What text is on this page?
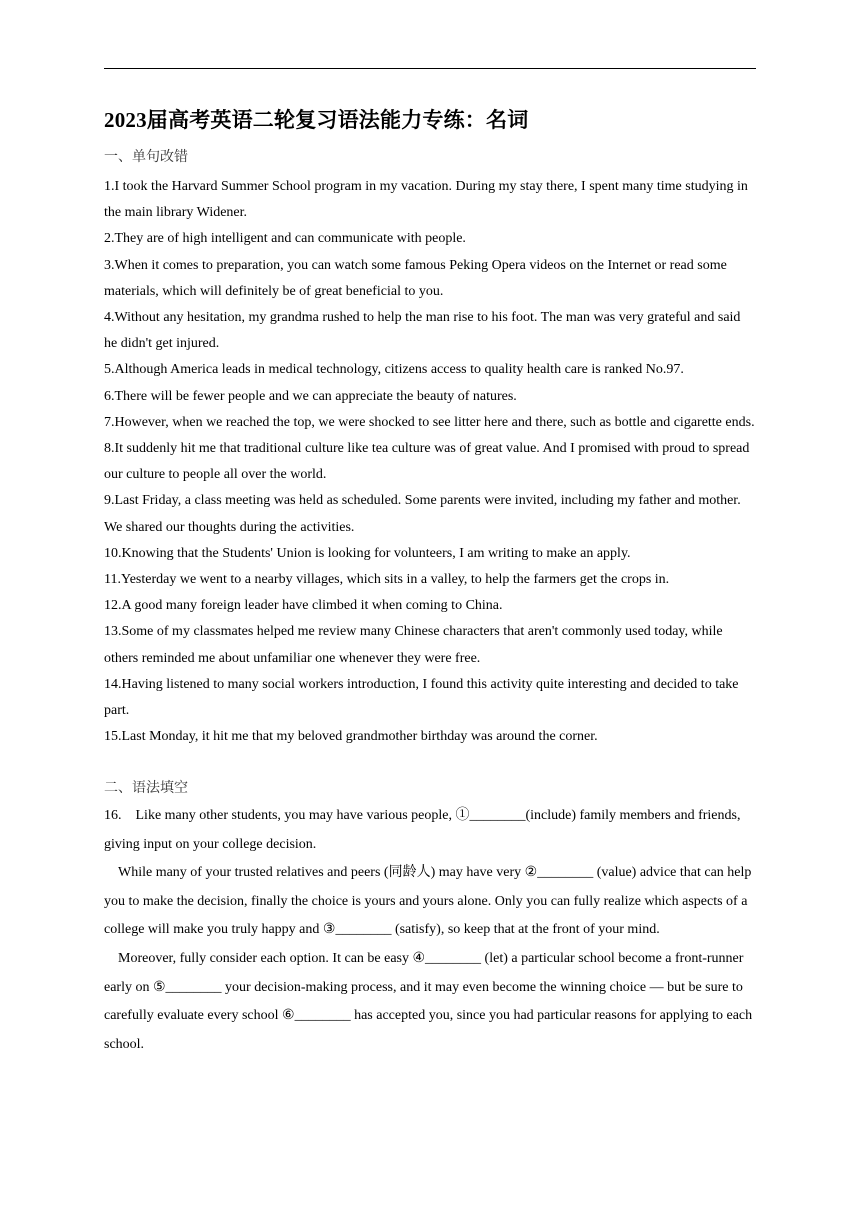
2023届高考英语二轮复习语法能力专练：名词
一、单句改错

1.I took the Harvard Summer School program in my vacation. During my stay there, I spent many time studying in the main library Widener.

2.They are of high intelligent and can communicate with people.

3.When it comes to preparation, you can watch some famous Peking Opera videos on the Internet or read some materials, which will definitely be of great beneficial to you.

4.Without any hesitation, my grandma rushed to help the man rise to his foot. The man was very grateful and said he didn't get injured.

5.Although America leads in medical technology, citizens access to quality health care is ranked No.97.

6.There will be fewer people and we can appreciate the beauty of natures.

7.However, when we reached the top, we were shocked to see litter here and there, such as bottle and cigarette ends.

8.It suddenly hit me that traditional culture like tea culture was of great value. And I promised with proud to spread our culture to people all over the world.

9.Last Friday, a class meeting was held as scheduled. Some parents were invited, including my father and mother. We shared our thoughts during the activities.

10.Knowing that the Students' Union is looking for volunteers, I am writing to make an apply.

11.Yesterday we went to a nearby villages, which sits in a valley, to help the farmers get the crops in.

12.A good many foreign leader have climbed it when coming to China.

13.Some of my classmates helped me review many Chinese characters that aren't commonly used today, while others reminded me about unfamiliar one whenever they were free.

14.Having listened to many social workers introduction, I found this activity quite interesting and decided to take part.

15.Last Monday, it hit me that my beloved grandmother birthday was around the corner.

二、语法填空

16.　Like many other students, you may have various people, ①________(include) family members and friends, giving input on your college decision.

While many of your trusted relatives and peers (同龄人) may have very ②________ (value) advice that can help you to make the decision, finally the choice is yours and yours alone. Only you can fully realize which aspects of a college will make you truly happy and ③________ (satisfy), so keep that at the front of your mind.

Moreover, fully consider each option. It can be easy ④________ (let) a particular school become a front-runner early on ⑤________ your decision-making process, and it may even become the winning choice — but be sure to carefully evaluate every school ⑥________ has accepted you, since you had particular reasons for applying to each school.
